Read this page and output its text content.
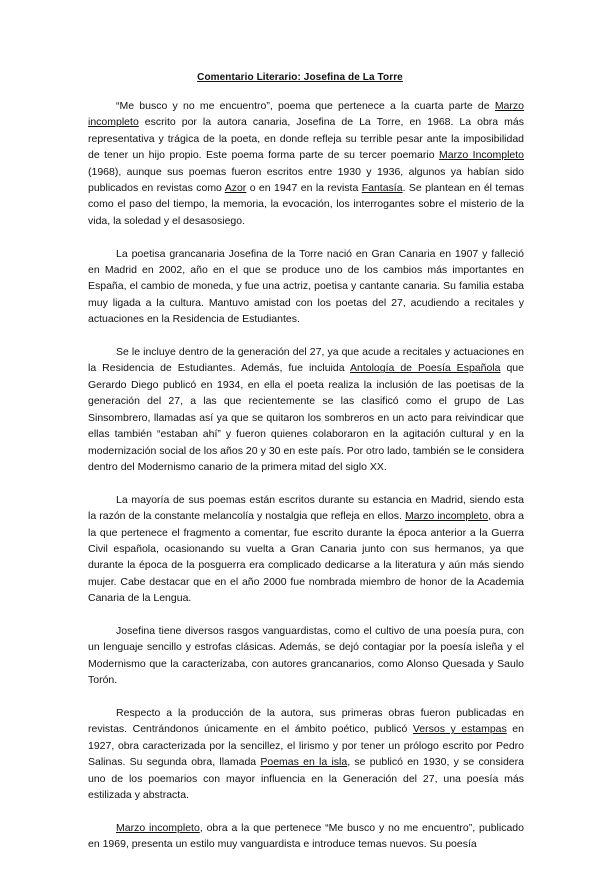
Comentario Literario: Josefina de La Torre

“Me busco y no me encuentro”, poema que pertenece a la cuarta parte de Marzo incompleto escrito por la autora canaria, Josefina de La Torre, en 1968. La obra más representativa y trágica de la poeta, en donde refleja su terrible pesar ante la imposibilidad de tener un hijo propio. Este poema forma parte de su tercer poemario Marzo Incompleto (1968), aunque sus poemas fueron escritos entre 1930 y 1936, algunos ya habían sido publicados en revistas como Azor o en 1947 en la revista Fantasía. Se plantean en él temas como el paso del tiempo, la memoria, la evocación, los interrogantes sobre el misterio de la vida, la soledad y el desasosiego.

La poetisa grancanaria Josefina de la Torre nació en Gran Canaria en 1907 y falleció en Madrid en 2002, año en el que se produce uno de los cambios más importantes en España, el cambio de moneda, y fue una actriz, poetisa y cantante canaria. Su familia estaba muy ligada a la cultura. Mantuvo amistad con los poetas del 27, acudiendo a recitales y actuaciones en la Residencia de Estudiantes.

Se le incluye dentro de la generación del 27, ya que acude a recitales y actuaciones en la Residencia de Estudiantes. Además, fue incluida Antología de Poesía Española que Gerardo Diego publicó en 1934, en ella el poeta realiza la inclusión de las poetisas de la generación del 27, a las que recientemente se las clasificó como el grupo de Las Sinsombrero, llamadas así ya que se quitaron los sombreros en un acto para reivindicar que ellas también “estaban ahí” y fueron quienes colaboraron en la agitación cultural y en la modernización social de los años 20 y 30 en este país. Por otro lado, también se le considera dentro del Modernismo canario de la primera mitad del siglo XX.

La mayoría de sus poemas están escritos durante su estancia en Madrid, siendo esta la razón de la constante melancolía y nostalgia que refleja en ellos. Marzo incompleto, obra a la que pertenece el fragmento a comentar, fue escrito durante la época anterior a la Guerra Civil española, ocasionando su vuelta a Gran Canaria junto con sus hermanos, ya que durante la época de la posguerra era complicado dedicarse a la literatura y aún más siendo mujer. Cabe destacar que en el año 2000 fue nombrada miembro de honor de la Academia Canaria de la Lengua.

Josefina tiene diversos rasgos vanguardistas, como el cultivo de una poesía pura, con un lenguaje sencillo y estrofas clásicas. Además, se dejó contagiar por la poesía isleña y el Modernismo que la caracterizaba, con autores grancanarios, como Alonso Quesada y Saulo Torón.

Respecto a la producción de la autora, sus primeras obras fueron publicadas en revistas. Centrándonos únicamente en el ámbito poético, publicó Versos y estampas en 1927, obra caracterizada por la sencillez, el lirismo y por tener un prólogo escrito por Pedro Salinas. Su segunda obra, llamada Poemas en la isla, se publicó en 1930, y se considera uno de los poemarios con mayor influencia en la Generación del 27, una poesía más estilizada y abstracta.

Marzo incompleto, obra a la que pertenece “Me busco y no me encuentro”, publicado en 1969, presenta un estilo muy vanguardista e introduce temas nuevos. Su poesía
